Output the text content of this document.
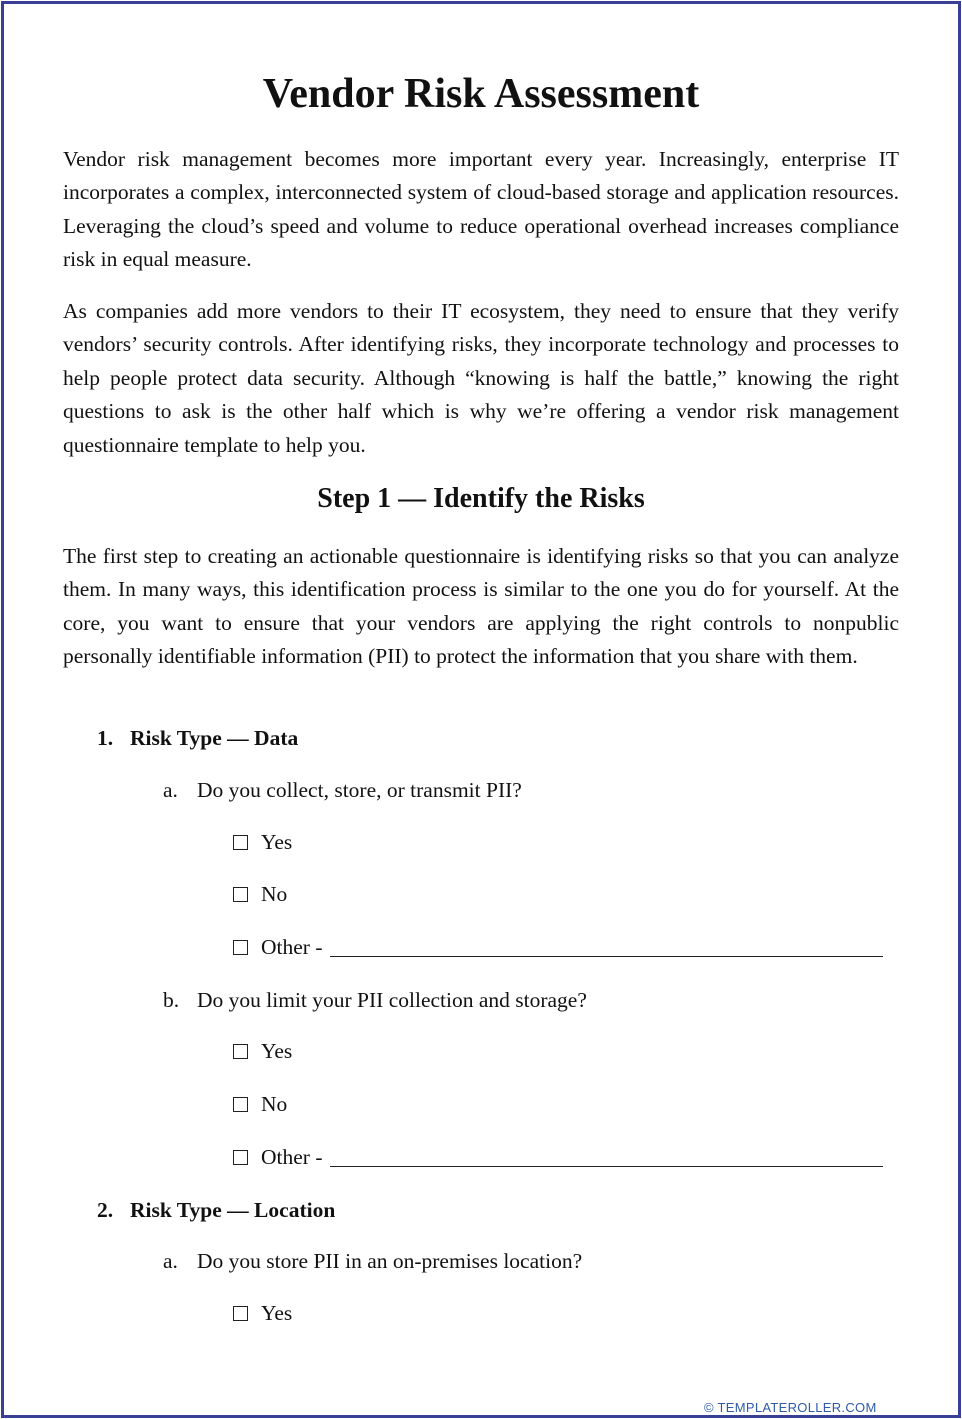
Vendor Risk Assessment

Vendor risk management becomes more important every year. Increasingly, enterprise IT incorporates a complex, interconnected system of cloud-based storage and application resources. Leveraging the cloud’s speed and volume to reduce operational overhead increases compliance risk in equal measure.

As companies add more vendors to their IT ecosystem, they need to ensure that they verify vendors’ security controls. After identifying risks, they incorporate technology and processes to help people protect data security. Although “knowing is half the battle,” knowing the right questions to ask is the other half which is why we’re offering a vendor risk management questionnaire template to help you.

Step 1 — Identify the Risks

The first step to creating an actionable questionnaire is identifying risks so that you can analyze them. In many ways, this identification process is similar to the one you do for yourself. At the core, you want to ensure that your vendors are applying the right controls to nonpublic personally identifiable information (PII) to protect the information that you share with them.

1. Risk Type — Data
a. Do you collect, store, or transmit PII?
Yes
No
Other -
b. Do you limit your PII collection and storage?
Yes
No
Other -
2. Risk Type — Location
a. Do you store PII in an on-premises location?
Yes
© TEMPLATEROLLER.COM
